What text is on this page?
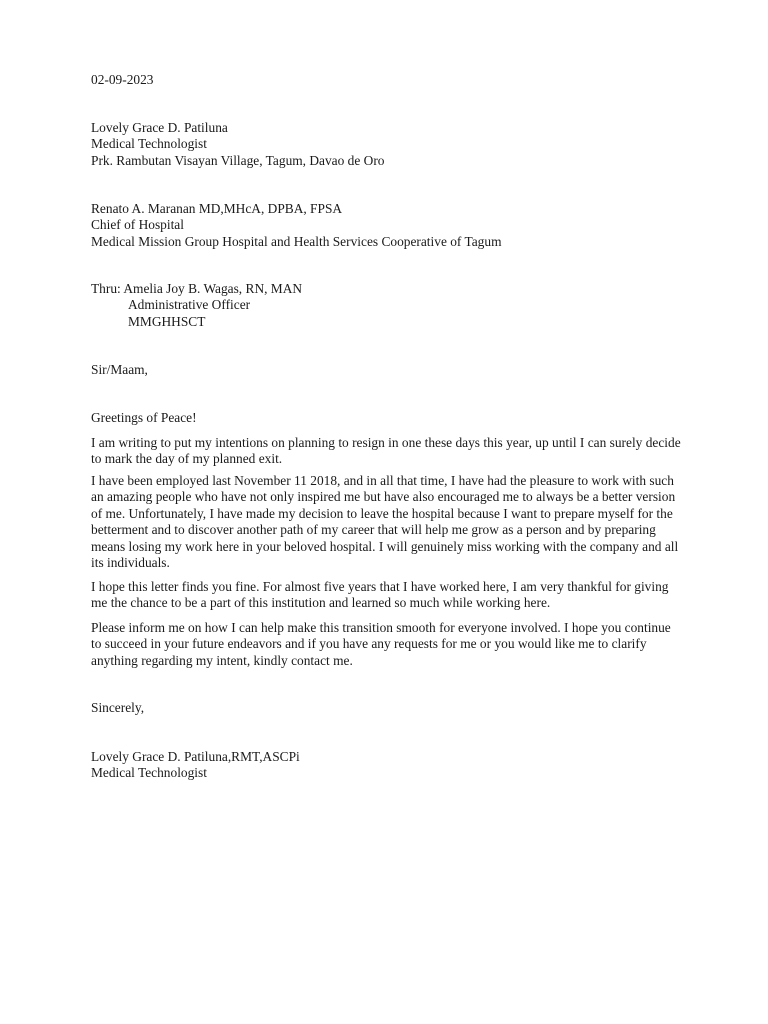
02-09-2023
Lovely Grace D. Patiluna
Medical Technologist
Prk. Rambutan Visayan Village, Tagum, Davao de Oro
Renato A. Maranan MD,MHcA, DPBA, FPSA
Chief of Hospital
Medical Mission Group Hospital and Health Services Cooperative of Tagum
Thru: Amelia Joy B. Wagas, RN, MAN
Administrative Officer
MMGHHSCT
Sir/Maam,
Greetings of Peace!
I am writing to put my intentions on planning to resign in one these days this year, up until I can surely decide to mark the day of my planned exit.
I have been employed last November 11 2018, and in all that time, I have had the pleasure to work with such an amazing people who have not only inspired me but have also encouraged me to always be a better version of me. Unfortunately, I have made my decision to leave the hospital because I want to prepare myself for the betterment and to discover another path of my career that will help me grow as a person and by preparing means losing my work here in your beloved hospital. I will genuinely miss working with the company and all its individuals.
I hope this letter finds you fine. For almost five years that I have worked here, I am very thankful for giving me the chance to be a part of this institution and learned so much while working here.
Please inform me on how I can help make this transition smooth for everyone involved. I hope you continue to succeed in your future endeavors and if you have any requests for me or you would like me to clarify anything regarding my intent, kindly contact me.
Sincerely,
Lovely Grace D. Patiluna,RMT,ASCPi
Medical Technologist
